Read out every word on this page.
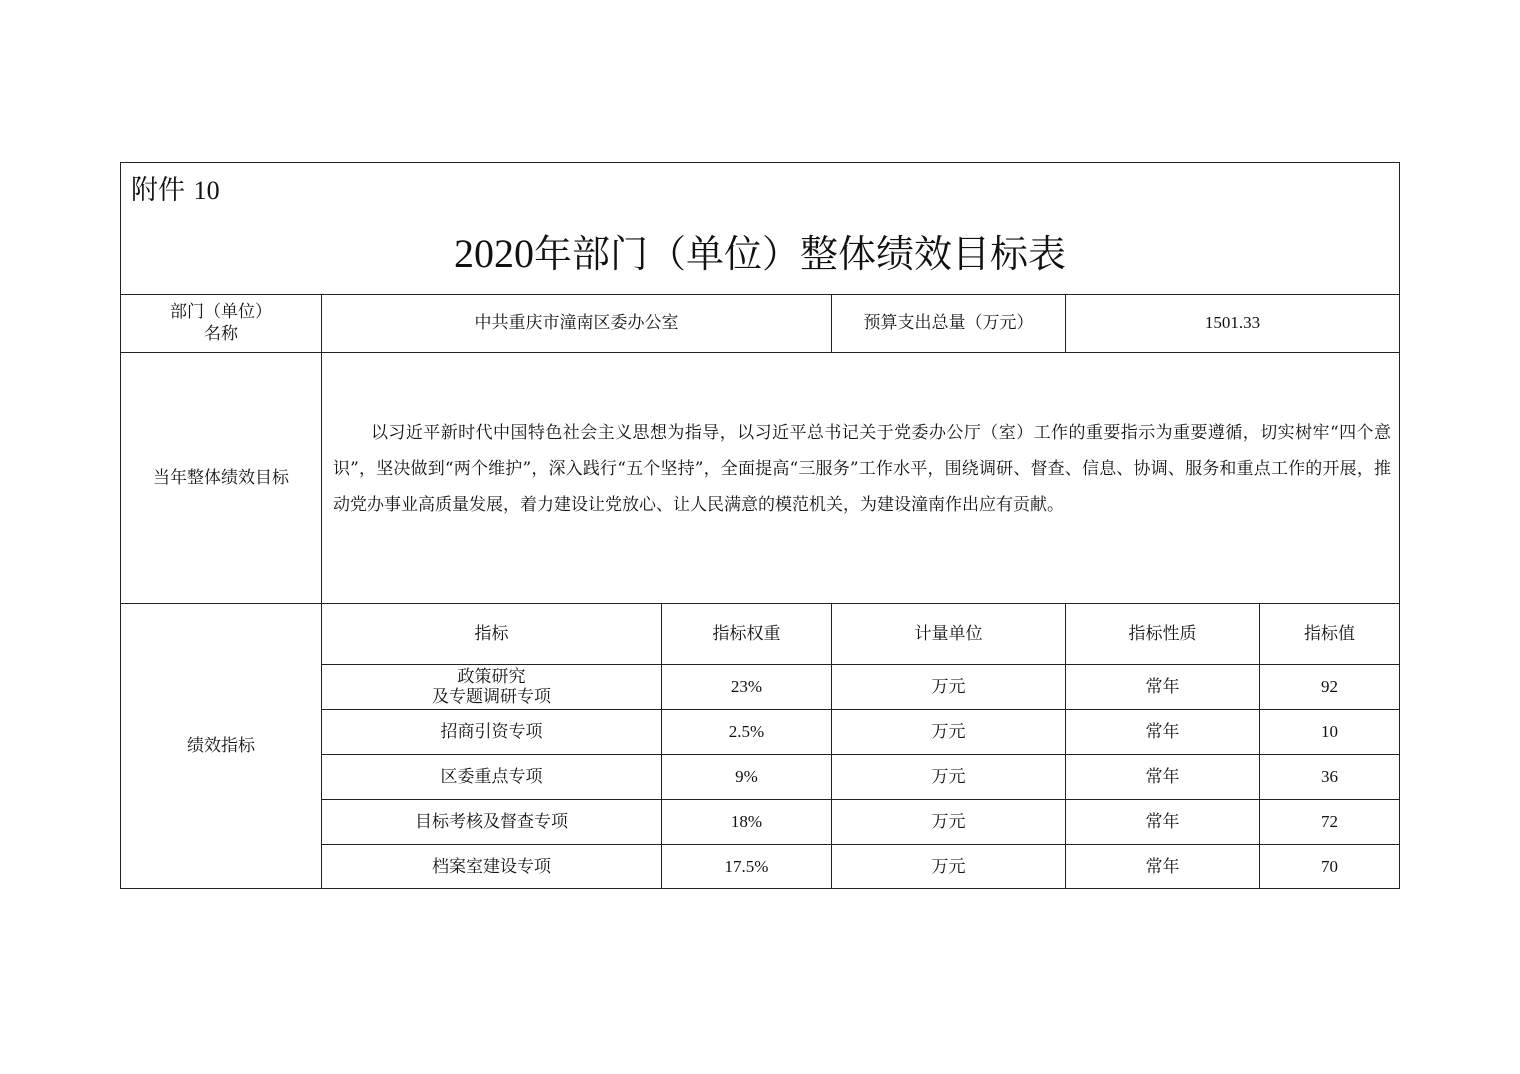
附件 10
2020年部门（单位）整体绩效目标表
部门（单位）
名称
中共重庆市潼南区委办公室	预算支出总量（万元）	1501.33
当年整体绩效目标
以习近平新时代中国特色社会主义思想为指导，以习近平总书记关于党委办公厅（室）工作的重要指示为重要遵循，切实树牢“四个意识”，坚决做到“两个维护”，深入践行“五个坚持”，全面提高“三服务”工作水平，围绕调研、督查、信息、协调、服务和重点工作的开展，推动党办事业高质量发展，着力建设让党放心、让人民满意的模范机关，为建设潼南作出应有贡献。
绩效指标
指标	指标权重	计量单位	指标性质	指标值
政策研究
及专题调研专项
23%	万元	常年	92
招商引资专项	2.5%	万元	常年	10
区委重点专项	9%	万元	常年	36
目标考核及督查专项	18%	万元	常年	72
档案室建设专项	17.5%	万元	常年	70
